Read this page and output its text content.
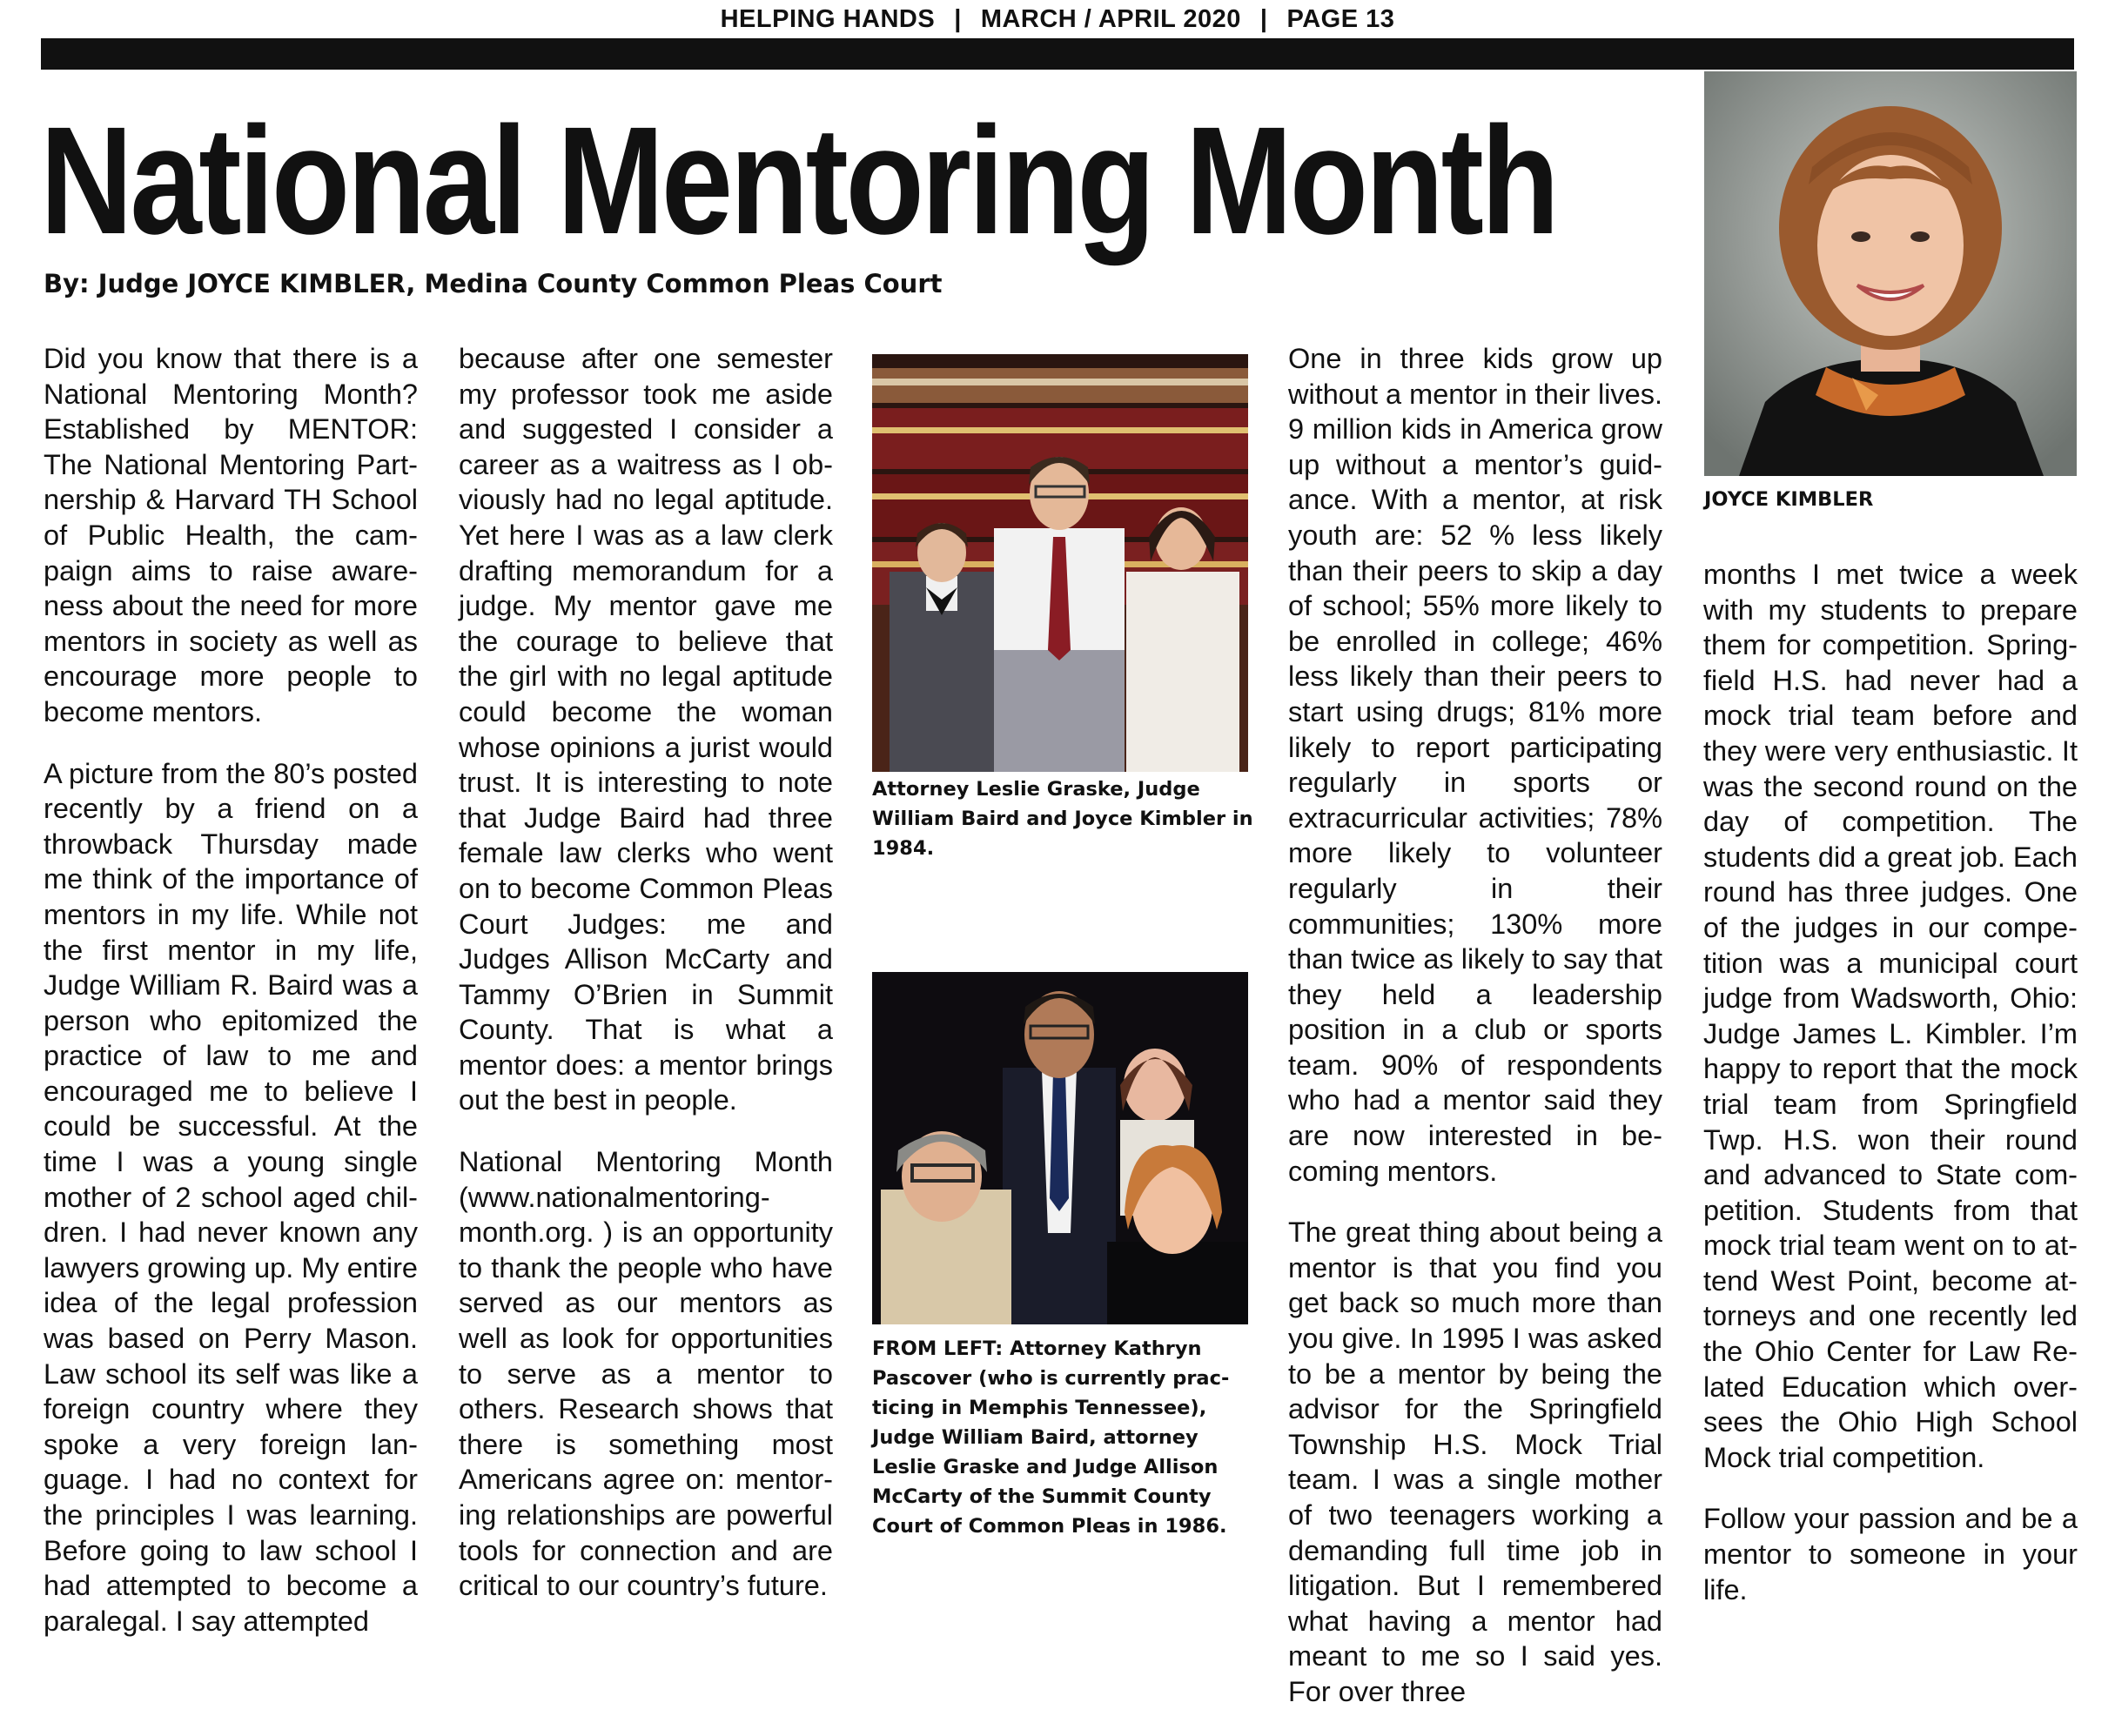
HELPING HANDS | MARCH / APRIL 2020 | PAGE 13
National Mentoring Month
By: Judge JOYCE KIMBLER, Medina County Common Pleas Court

Did you know that there is a National Mentoring Month? Established by MENTOR: The National Mentoring Partnership & Harvard TH School of Public Health, the campaign aims to raise awareness about the need for more mentors in society as well as encourage more people to become mentors.

A picture from the 80’s posted recently by a friend on a throwback Thursday made me think of the importance of mentors in my life. While not the first mentor in my life, Judge William R. Baird was a person who epitomized the practice of law to me and encouraged me to believe I could be successful. At the time I was a young single mother of 2 school aged children. I had never known any lawyers growing up. My entire idea of the legal profession was based on Perry Mason. Law school its self was like a foreign country where they spoke a very foreign language. I had no context for the principles I was learning. Before going to law school I had attempted to become a paralegal. I say attempted

because after one semester my professor took me aside and suggested I consider a career as a waitress as I obviously had no legal aptitude. Yet here I was as a law clerk drafting memorandum for a judge. My mentor gave me the courage to believe that the girl with no legal aptitude could become the woman whose opinions a jurist would trust. It is interesting to note that Judge Baird had three female law clerks who went on to become Common Pleas Court Judges: me and Judges Allison McCarty and Tammy O’Brien in Summit County. That is what a mentor does: a mentor brings out the best in people.

National Mentoring Month (www.nationalmentoringmonth.org. ) is an opportunity to thank the people who have served as our mentors as well as look for opportunities to serve as a mentor to others. Research shows that there is something most Americans agree on: mentoring relationships are powerful tools for connection and are critical to our country’s future.

Attorney Leslie Graske, Judge William Baird and Joyce Kimbler in 1984.
FROM LEFT: Attorney Kathryn Pascover (who is currently practicing in Memphis Tennessee), Judge William Baird, attorney Leslie Graske and Judge Allison McCarty of the Summit County Court of Common Pleas in 1986.

One in three kids grow up without a mentor in their lives. 9 million kids in America grow up without a mentor’s guidance. With a mentor, at risk youth are: 52 % less likely than their peers to skip a day of school; 55% more likely to be enrolled in college; 46% less likely than their peers to start using drugs; 81% more likely to report participating regularly in sports or extracurricular activities; 78% more likely to volunteer regularly in their communities; 130% more than twice as likely to say that they held a leadership position in a club or sports team. 90% of respondents who had a mentor said they are now interested in becoming mentors.

The great thing about being a mentor is that you find you get back so much more than you give. In 1995 I was asked to be a mentor by being the advisor for the Springfield Township H.S. Mock Trial team. I was a single mother of two teenagers working a demanding full time job in litigation. But I remembered what having a mentor had meant to me so I said yes. For over three

JOYCE KIMBLER

months I met twice a week with my students to prepare them for competition. Springfield H.S. had never had a mock trial team before and they were very enthusiastic. It was the second round on the day of competition. The students did a great job. Each round has three judges. One of the judges in our competition was a municipal court judge from Wadsworth, Ohio: Judge James L. Kimbler. I’m happy to report that the mock trial team from Springfield Twp. H.S. won their round and advanced to State competition. Students from that mock trial team went on to attend West Point, become attorneys and one recently led the Ohio Center for Law Related Education which oversees the Ohio High School Mock trial competition.

Follow your passion and be a mentor to someone in your life.
